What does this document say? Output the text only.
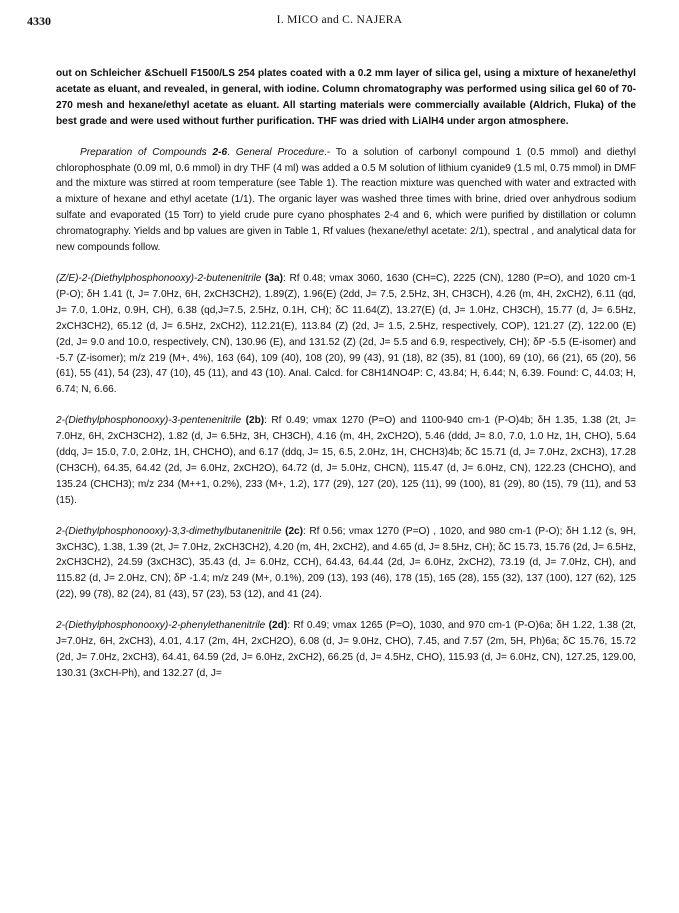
4330	I. MICO and C. NAJERA

out on Schleicher &Schuell F1500/LS 254 plates coated with a 0.2 mm layer of silica gel, using a mixture of hexane/ethyl acetate as eluant, and revealed, in general, with iodine. Column chromatography was performed using silica gel 60 of 70-270 mesh and hexane/ethyl acetate as eluant. All starting materials were commercially available (Aldrich, Fluka) of the best grade and were used without further purification. THF was dried with LiAlH4 under argon atmosphere.

Preparation of Compounds 2-6. General Procedure.- To a solution of carbonyl compound 1 (0.5 mmol) and diethyl chlorophosphate (0.09 ml, 0.6 mmol) in dry THF (4 ml) was added a 0.5 M solution of lithium cyanide9 (1.5 ml, 0.75 mmol) in DMF and the mixture was stirred at room temperature (see Table 1). The reaction mixture was quenched with water and extracted with a mixture of hexane and ethyl acetate (1/1). The organic layer was washed three times with brine, dried over anhydrous sodium sulfate and evaporated (15 Torr) to yield crude pure cyano phosphates 2-4 and 6, which were purified by distillation or column chromatography. Yields and bp values are given in Table 1, Rf values (hexane/ethyl acetate: 2/1), spectral , and analytical data for new compounds follow.

(Z/E)-2-(Diethylphosphonooxy)-2-butenenitrile (3a): Rf 0.48; νmax 3060, 1630 (CH=C), 2225 (CN), 1280 (P=O), and 1020 cm-1 (P-O); δH 1.41 (t, J= 7.0Hz, 6H, 2xCH3CH2), 1.89(Z), 1.96(E) (2dd, J= 7.5, 2.5Hz, 3H, CH3CH), 4.26 (m, 4H, 2xCH2), 6.11 (qd, J= 7.0, 1.0Hz, 0.9H, CH), 6.38 (qd,J=7.5, 2.5Hz, 0.1H, CH); δC 11.64(Z), 13.27(E) (d, J= 1.0Hz, CH3CH), 15.77 (d, J= 6.5Hz, 2xCH3CH2), 65.12 (d, J= 6.5Hz, 2xCH2), 112.21(E), 113.84 (Z) (2d, J= 1.5, 2.5Hz, respectively, COP), 121.27 (Z), 122.00 (E) (2d, J= 9.0 and 10.0, respectively, CN), 130.96 (E), and 131.52 (Z) (2d, J= 5.5 and 6.9, respectively, CH); δP -5.5 (E-isomer) and -5.7 (Z-isomer); m/z 219 (M+, 4%), 163 (64), 109 (40), 108 (20), 99 (43), 91 (18), 82 (35), 81 (100), 69 (10), 66 (21), 65 (20), 56 (61), 55 (41), 54 (23), 47 (10), 45 (11), and 43 (10). Anal. Calcd. for C8H14NO4P: C, 43.84; H, 6.44; N, 6.39. Found: C, 44.03; H, 6.74; N, 6.66.

2-(Diethylphosphonooxy)-3-pentenenitrile (2b): Rf 0.49; νmax 1270 (P=O) and 1100-940 cm-1 (P-O)4b; δH 1.35, 1.38 (2t, J= 7.0Hz, 6H, 2xCH3CH2), 1.82 (d, J= 6.5Hz, 3H, CH3CH), 4.16 (m, 4H, 2xCH2O), 5.46 (ddd, J= 8.0, 7.0, 1.0 Hz, 1H, CHO), 5.64 (ddq, J= 15.0, 7.0, 2.0Hz, 1H, CHCHO), and 6.17 (ddq, J= 15, 6.5, 2.0Hz, 1H, CHCH3)4b; δC 15.71 (d, J= 7.0Hz, 2xCH3), 17.28 (CH3CH), 64.35, 64.42 (2d, J= 6.0Hz, 2xCH2O), 64.72 (d, J= 5.0Hz, CHCN), 115.47 (d, J= 6.0Hz, CN), 122.23 (CHCHO), and 135.24 (CHCH3); m/z 234 (M++1, 0.2%), 233 (M+, 1.2), 177 (29), 127 (20), 125 (11), 99 (100), 81 (29), 80 (15), 79 (11), and 53 (15).

2-(Diethylphosphonooxy)-3,3-dimethylbutanenitrile (2c): Rf 0.56; νmax 1270 (P=O) , 1020, and 980 cm-1 (P-O); δH 1.12 (s, 9H, 3xCH3C), 1.38, 1.39 (2t, J= 7.0Hz, 2xCH3CH2), 4.20 (m, 4H, 2xCH2), and 4.65 (d, J= 8.5Hz, CH); δC 15.73, 15.76 (2d, J= 6.5Hz, 2xCH3CH2), 24.59 (3xCH3C), 35.43 (d, J= 6.0Hz, CCH), 64.43, 64.44 (2d, J= 6.0Hz, 2xCH2), 73.19 (d, J= 7.0Hz, CH), and 115.82 (d, J= 2.0Hz, CN); δP -1.4; m/z 249 (M+, 0.1%), 209 (13), 193 (46), 178 (15), 165 (28), 155 (32), 137 (100), 127 (62), 125 (22), 99 (78), 82 (24), 81 (43), 57 (23), 53 (12), and 41 (24).

2-(Diethylphosphonooxy)-2-phenylethanenitrile (2d): Rf 0.49; νmax 1265 (P=O), 1030, and 970 cm-1 (P-O)6a; δH 1.22, 1.38 (2t, J=7.0Hz, 6H, 2xCH3), 4.01, 4.17 (2m, 4H, 2xCH2O), 6.08 (d, J= 9.0Hz, CHO), 7.45, and 7.57 (2m, 5H, Ph)6a; δC 15.76, 15.72 (2d, J= 7.0Hz, 2xCH3), 64.41, 64.59 (2d, J= 6.0Hz, 2xCH2), 66.25 (d, J= 4.5Hz, CHO), 115.93 (d, J= 6.0Hz, CN), 127.25, 129.00, 130.31 (3xCH-Ph), and 132.27 (d, J=
